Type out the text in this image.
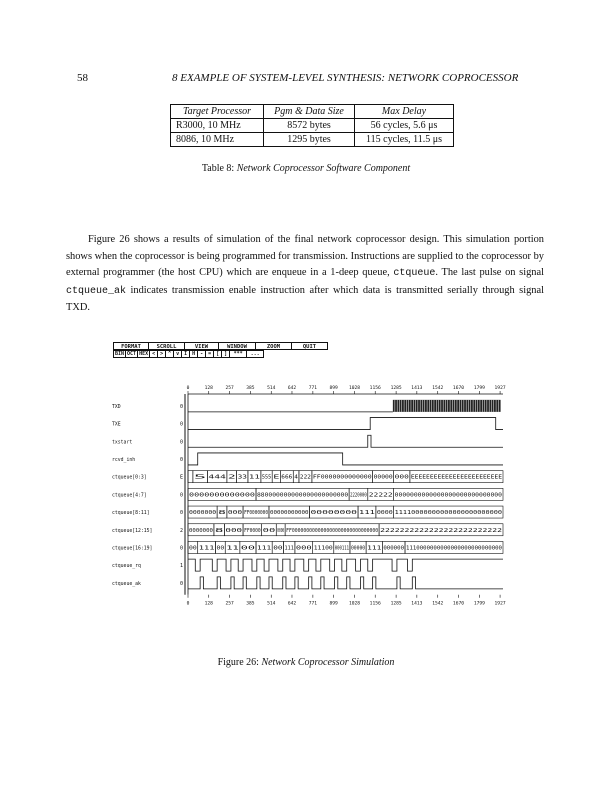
58	8 EXAMPLE OF SYSTEM-LEVEL SYNTHESIS: NETWORK COPROCESSOR
Target Processor	Pgm & Data Size	Max Delay
R3000, 10 MHz	8572 bytes	56 cycles, 5.6 μs
8086, 10 MHz	1295 bytes	115 cycles, 11.5 μs
Table 8: Network Coprocessor Software Component
Figure 26 shows a results of simulation of the final network coprocessor design. This simulation portion shows when the coprocessor is being programmed for transmission. Instructions are supplied to the coprocessor by external programmer (the host CPU) which are enqueue in a 1-deep queue, ctqueue. The last pulse on signal ctqueue_ak indicates transmission enable instruction after which data is transmitted serially through signal TXD.
FORMAT	SCROLL	VIEW	WINDOW	ZOOM	QUIT
BIN OCT HEX < > ^ v I H - = [ ]	***	...
0	128	257	385	514	642	771	899 1028 1156 1285 1413 1542 1670 1799 1927
0	128	257	385	514	642	771	899 1028 1156 1285 1413 1542 1670 1799 1927
TXD	0
TXE	0
txstart	0
rcvd_inh	0
ctqueue[0:3]	E 5 444 2 33 11 555 E 666 4 222 FF0000000000000 00000 000 EEEEEEEEEEEEEEEEEEEEEEEE
ctqueue[4:7]	0 0000000000000 880000000000000000000000 2220000 22222 0000000000000000000000000000
ctqueue[8:11]	0 0000000 8 000 FF0000000 00000000000 00000000 111 0000 11110000000000000000000000
ctqueue[12:15]	2 0000000 8 000 FF0000 00 0000 FF000000000000000000000000000000 2222222222222222222222222
ctqueue[16:19]	0 00 111 00 11 00 111 00 111 000 11100 000111 00000 111 000000 1110000000000000000000000000
ctqueue_rq	1
ctqueue_ak	0
Figure 26: Network Coprocessor Simulation
